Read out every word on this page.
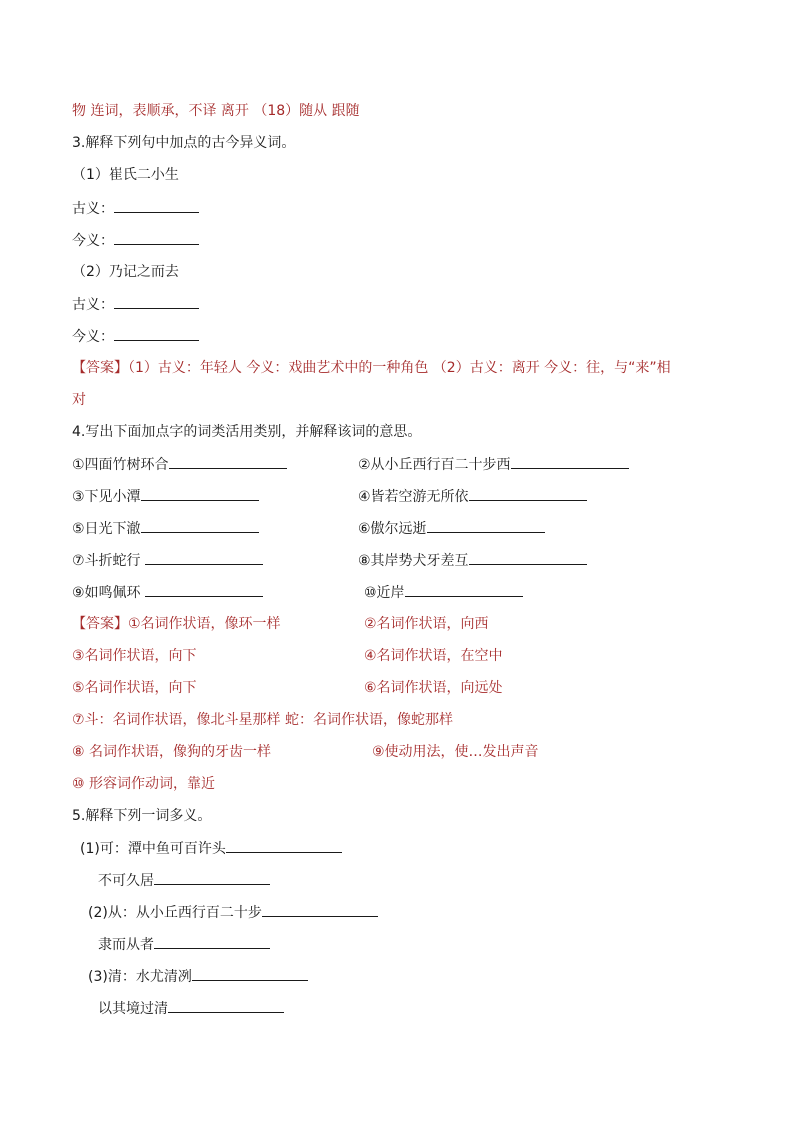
物 连词，表顺承，不译 离开 （18）随从 跟随
3.解释下列句中加点的古今异义词。
（1）崔氏二小生
古义：
今义：
（2）乃记之而去
古义：
今义：
【答案】（1）古义：年轻人 今义：戏曲艺术中的一种角色 （2）古义：离开 今义：往，与“来”相
对
4.写出下面加点字的词类活用类别，并解释该词的意思。
①四面竹树环合	②从小丘西行百二十步西
③下见小潭	④皆若空游无所依
⑤日光下澈	⑥傲尔远逝
⑦斗折蛇行	⑧其岸势犬牙差互
⑨如鸣佩环	⑩近岸
【答案】①名词作状语，像环一样	②名词作状语，向西
③名词作状语，向下	④名词作状语，在空中
⑤名词作状语，向下	⑥名词作状语，向远处
⑦斗：名词作状语，像北斗星那样 蛇：名词作状语，像蛇那样
⑧ 名词作状语，像狗的牙齿一样	⑨使动用法，使…发出声音
⑩ 形容词作动词，靠近
5.解释下列一词多义。
(1)可：潭中鱼可百许头
不可久居
(2)从：从小丘西行百二十步
隶而从者
(3)清：水尤清冽
以其境过清
